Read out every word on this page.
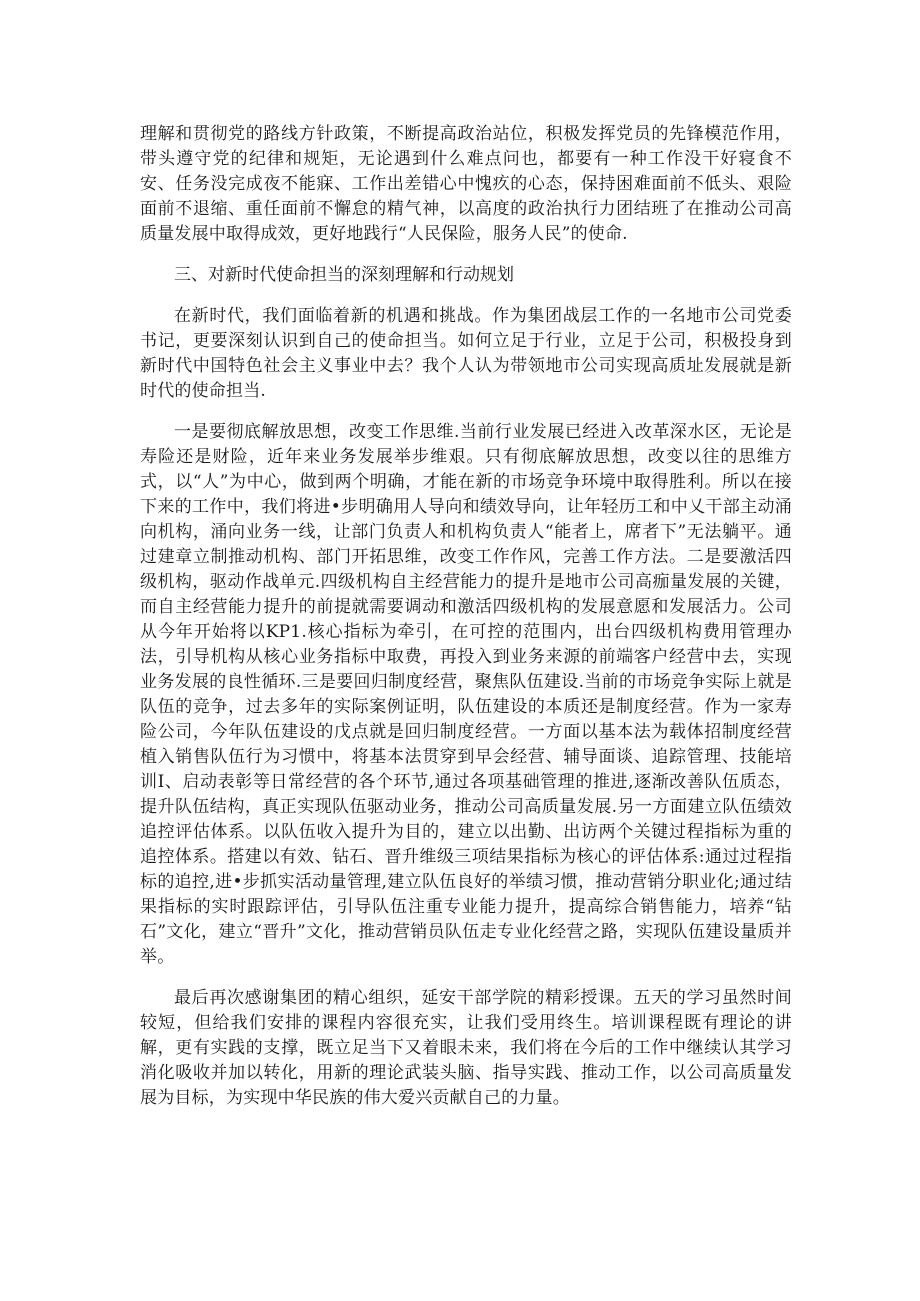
理解和贯彻党的路线方针政策，不断提高政治站位，积极发挥党员的先锋模范作用，带头遵守党的纪律和规矩，无论遇到什么难点问也，都要有一种工作没干好寝食不安、任务没完成夜不能寐、工作出差错心中愧疚的心态，保持困难面前不低头、艰险面前不退缩、重任面前不懈怠的精气神，以高度的政治执行力团结班了在推动公司高质量发展中取得成效，更好地践行“人民保险，服务人民”的使命.

三、对新时代使命担当的深刻理解和行动规划

在新时代，我们面临着新的机遇和挑战。作为集团战层工作的一名地市公司党委书记，更要深刻认识到自己的使命担当。如何立足于行业，立足于公司，积极投身到新时代中国特色社会主义事业中去？我个人认为带领地市公司实现高质址发展就是新时代的使命担当.

一是要彻底解放思想，改变工作思维.当前行业发展已经进入改革深水区，无论是寿险还是财险，近年来业务发展举步维艰。只有彻底解放思想，改变以往的思维方式，以“人”为中心，做到两个明确，才能在新的市场竞争环境中取得胜利。所以在接下来的工作中，我们将进•步明确用人导向和绩效导向，让年轻历工和中乂干部主动涌向机构，涌向业务一线，让部门负责人和机构负责人“能者上，席者下”无法躺平。通过建章立制推动机构、部门开拓思维，改变工作作风，完善工作方法。二是要激活四级机构，驱动作战单元.四级机构自主经营能力的提升是地市公司高痂量发展的关键，而自主经营能力提升的前提就需要调动和激活四级机构的发展意愿和发展活力。公司从今年开始将以KP1.核心指标为牵引，在可控的范围内，出台四级机构费用管理办法，引导机构从核心业务指标中取费，再投入到业务来源的前端客户经营中去，实现业务发展的良性循环.三是要回归制度经营，聚焦队伍建设.当前的市场竞争实际上就是队伍的竞争，过去多年的实际案例证明，队伍建设的本质还是制度经营。作为一家寿险公司，今年队伍建设的戊点就是回归制度经营。一方面以基本法为载体招制度经营植入销售队伍行为习惯中，将基本法贯穿到早会经营、辅导面谈、追踪管理、技能培训I、启动表彰等日常经营的各个环节,通过各项基础管理的推进,逐渐改善队伍质态，提升队伍结构，真正实现队伍驱动业务，推动公司高质量发展.另一方面建立队伍绩效追控评估体系。以队伍收入提升为目的，建立以出勤、出访两个关键过程指标为重的追控体系。搭建以有效、钻石、晋升维级三项结果指标为核心的评估体系:通过过程指标的追控,进•步抓实活动量管理,建立队伍良好的举绩习惯，推动营销分职业化;通过结果指标的实时跟踪评估，引导队伍注重专业能力提升，提高综合销售能力，培养“钻石”文化，建立“晋升”文化，推动营销员队伍走专业化经营之路，实现队伍建设量质并举。

最后再次感谢集团的精心组织，延安干部学院的精彩授课。五天的学习虽然时间较短，但给我们安排的课程内容很充实，让我们受用终生。培训课程既有理论的讲解，更有实践的支撑，既立足当下又着眼未来，我们将在今后的工作中继续认其学习消化吸收并加以转化，用新的理论武装头脑、指导实践、推动工作，以公司高质量发展为目标，为实现中华民族的伟大爱兴贡献自己的力量。
